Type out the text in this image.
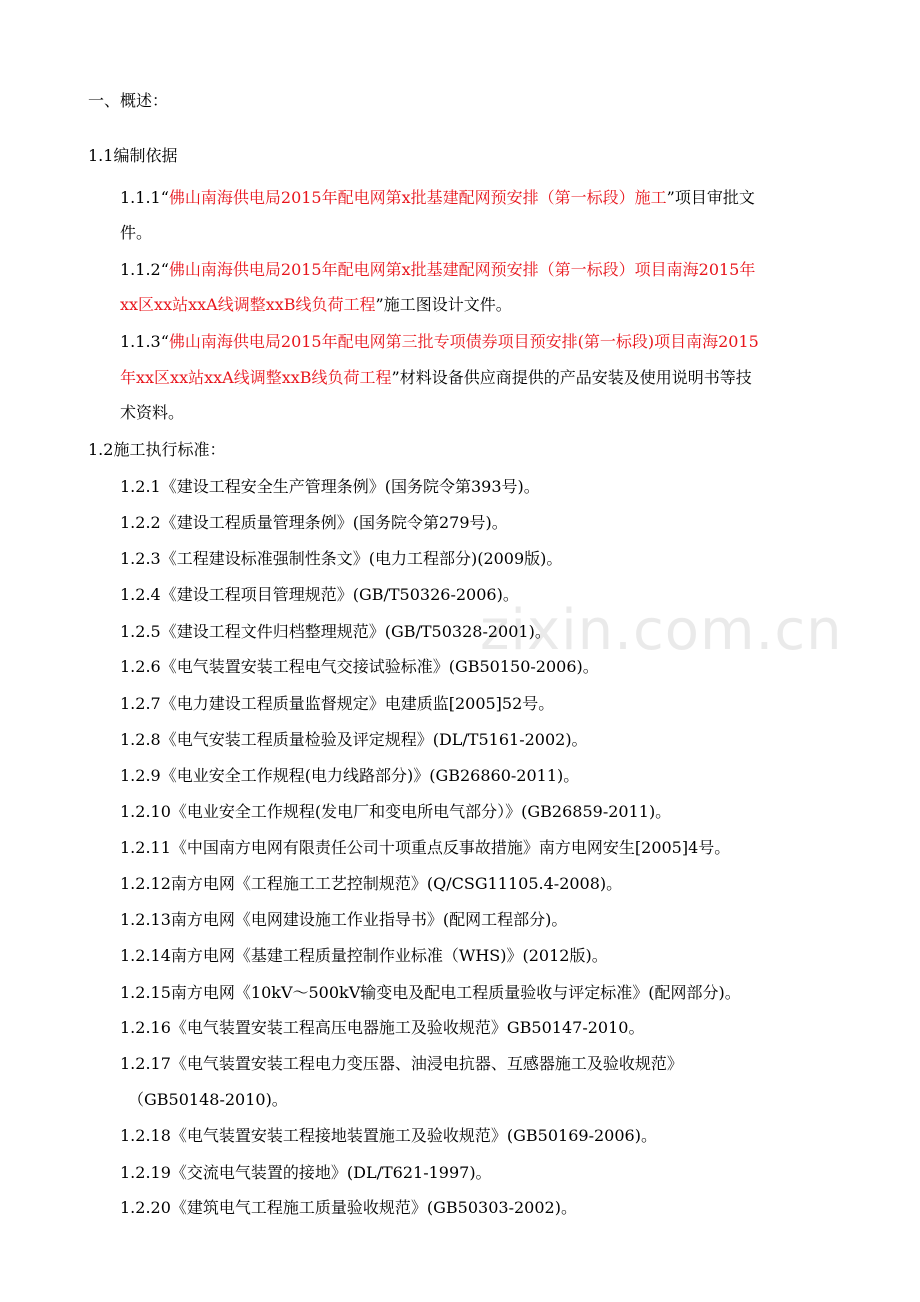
zixin.com.cn
一、概述：
1.1编制依据
1.1.1“佛山南海供电局2015年配电网第x批基建配网预安排（第一标段）施工”项目审批文
件。
1.1.2“佛山南海供电局2015年配电网第x批基建配网预安排（第一标段）项目南海2015年
xx区xx站xxA线调整xxB线负荷工程”施工图设计文件。
1.1.3“佛山南海供电局2015年配电网第三批专项债券项目预安排(第一标段)项目南海2015
年xx区xx站xxA线调整xxB线负荷工程”材料设备供应商提供的产品安装及使用说明书等技
术资料。
1.2施工执行标准：
1.2.1《建设工程安全生产管理条例》(国务院令第393号)。
1.2.2《建设工程质量管理条例》(国务院令第279号)。
1.2.3《工程建设标准强制性条文》(电力工程部分)(2009版)。
1.2.4《建设工程项目管理规范》(GB/T50326-2006)。
1.2.5《建设工程文件归档整理规范》(GB/T50328-2001)。
1.2.6《电气装置安装工程电气交接试验标准》(GB50150-2006)。
1.2.7《电力建设工程质量监督规定》电建质监[2005]52号。
1.2.8《电气安装工程质量检验及评定规程》(DL/T5161-2002)。
1.2.9《电业安全工作规程(电力线路部分)》(GB26860-2011)。
1.2.10《电业安全工作规程(发电厂和变电所电气部分）》(GB26859-2011)。
1.2.11《中国南方电网有限责任公司十项重点反事故措施》南方电网安生[2005]4号。
1.2.12南方电网《工程施工工艺控制规范》(Q/CSG11105.4-2008)。
1.2.13南方电网《电网建设施工作业指导书》(配网工程部分)。
1.2.14南方电网《基建工程质量控制作业标准（WHS)》(2012版)。
1.2.15南方电网《10kV～500kV输变电及配电工程质量验收与评定标准》(配网部分)。
1.2.16《电气装置安装工程高压电器施工及验收规范》GB50147-2010。
1.2.17《电气装置安装工程电力变压器、油浸电抗器、互感器施工及验收规范》
（GB50148-2010)。
1.2.18《电气装置安装工程接地装置施工及验收规范》(GB50169-2006)。
1.2.19《交流电气装置的接地》(DL/T621-1997)。
1.2.20《建筑电气工程施工质量验收规范》(GB50303-2002)。
